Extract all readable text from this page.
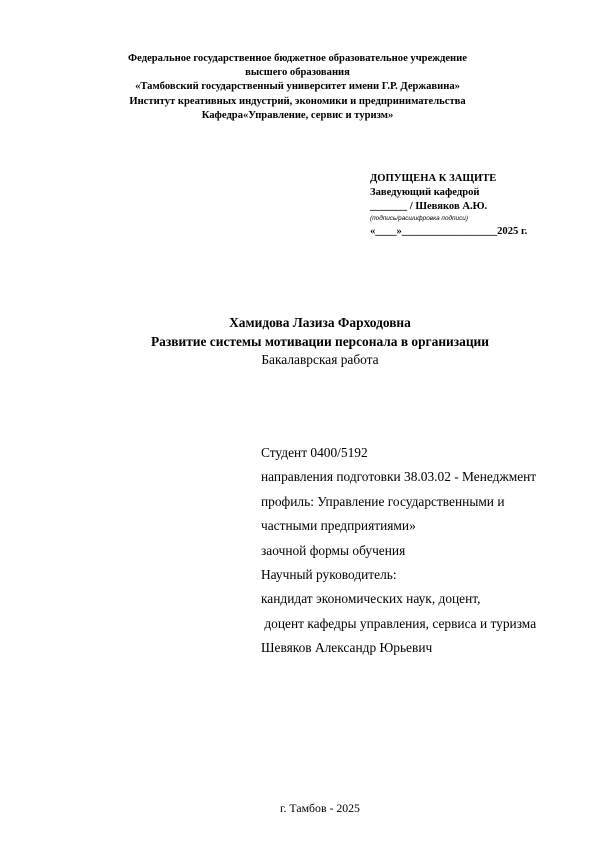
Федеральное государственное бюджетное образовательное учреждение
высшего образования
«Тамбовский государственный университет имени Г.Р. Державина»
Институт креативных индустрий, экономики и предпринимательства
Кафедра«Управление, сервис и туризм»
ДОПУЩЕНА К ЗАЩИТЕ
Заведующий кафедрой
_______ / Шевяков А.Ю.
(подпись/расшифровка подписи)
«____»__________________2025 г.
Хамидова Лазиза Фарходовна
Развитие системы мотивации персонала в организации
Бакалаврская работа
Студент 0400/5192
направления подготовки 38.03.02 - Менеджмент
профиль: Управление государственными и
частными предприятиями»
заочной формы обучения
Научный руководитель:
кандидат экономических наук, доцент,
доцент кафедры управления, сервиса и туризма
Шевяков Александр Юрьевич
г. Тамбов - 2025
